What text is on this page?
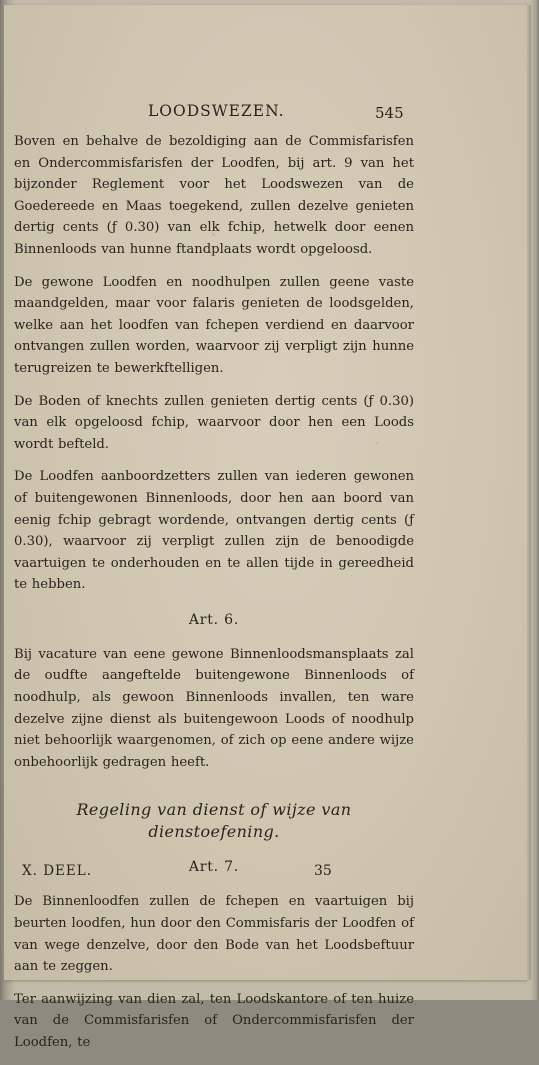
LOODSWEZEN.	545

Boven en behalve de bezoldiging aan de Commisfarisfen en Ondercommisfarisfen der Loodfen, bij art. 9 van het bijzonder Reglement voor het Loodswezen van de Goedereede en Maas toegekend, zullen dezelve genieten dertig cents (ƒ 0.30) van elk fchip, hetwelk door eenen Binnenloods van hunne ftandplaats wordt opgeloosd.

De gewone Loodfen en noodhulpen zullen geene vaste maandgelden, maar voor falaris genieten de loodsgelden, welke aan het loodfen van fchepen verdiend en daarvoor ontvangen zullen worden, waarvoor zij verpligt zijn hunne terugreizen te bewerkftelligen.

De Boden of knechts zullen genieten dertig cents (ƒ 0.30) van elk opgeloosd fchip, waarvoor door hen een Loods wordt befteld.

De Loodfen aanboordzetters zullen van iederen gewonen of buitengewonen Binnenloods, door hen aan boord van eenig fchip gebragt wordende, ontvangen dertig cents (ƒ 0.30), waarvoor zij verpligt zullen zijn de benoodigde vaartuigen te onderhouden en te allen tijde in gereedheid te hebben.

Art. 6.

Bij vacature van eene gewone Binnenloodsmansplaats zal de oudfte aangeftelde buitengewone Binnenloods of noodhulp, als gewoon Binnenloods invallen, ten ware dezelve zijne dienst als buitengewoon Loods of noodhulp niet behoorlijk waargenomen, of zich op eene andere wijze onbehoorlijk gedragen heeft.

Regeling van dienst of wijze van dienstoefening.
Art. 7.

De Binnenloodfen zullen de fchepen en vaartuigen bij beurten loodfen, hun door den Commisfaris der Loodfen of van wege denzelve, door den Bode van het Loodsbeftuur aan te zeggen.

Ter aanwijzing van dien zal, ten Loodskantore of ten huize van de Commisfarisfen of Ondercommisfarisfen der Loodfen, te

X. DEEL.	35
